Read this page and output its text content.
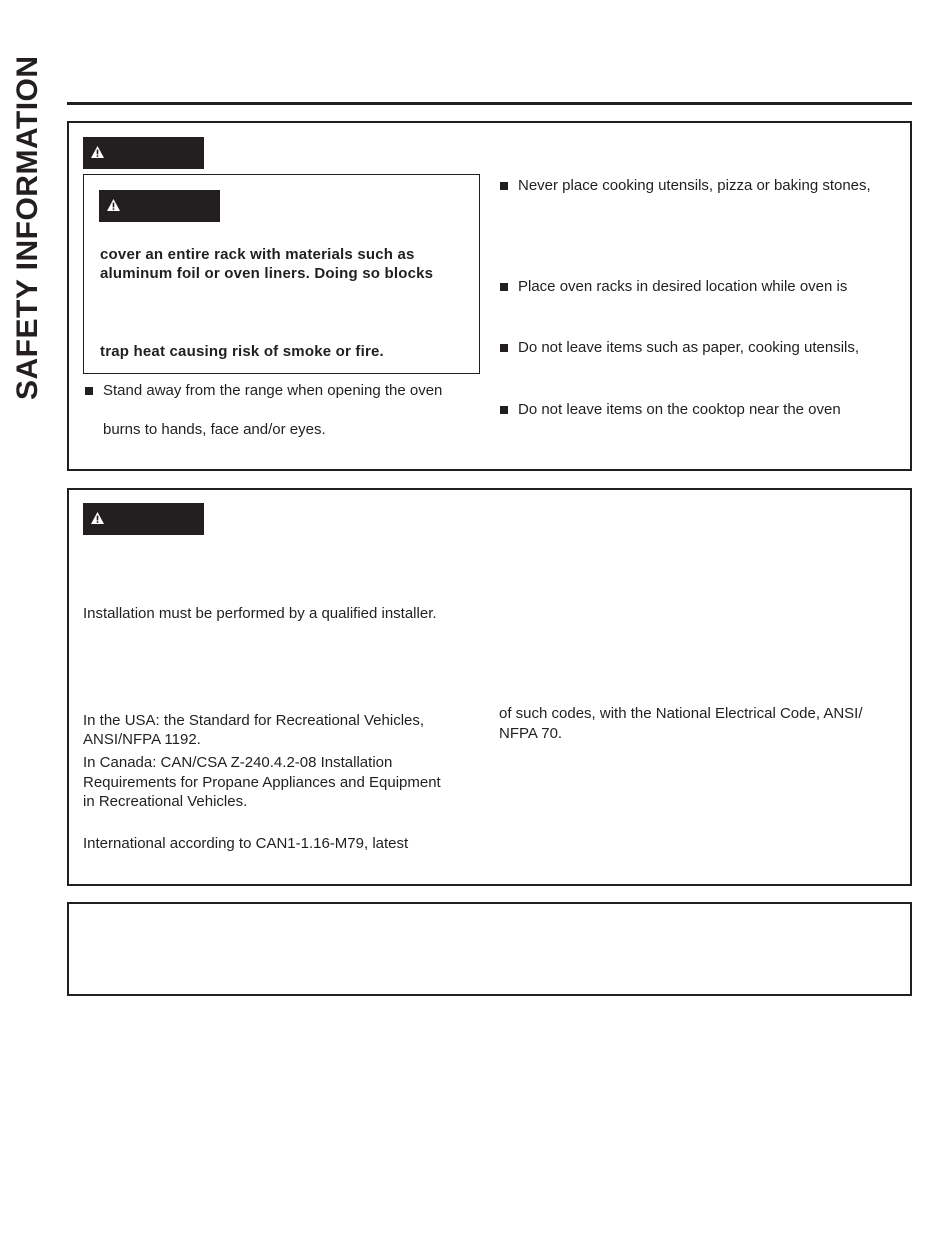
SAFETY INFORMATION	cover an entire rack with materials such as
aluminum foil or oven liners. Doing so blocks
trap heat causing risk of smoke or fire.
Stand away from the range when opening the oven
burns to hands, face and/or eyes.
Never place cooking utensils, pizza or baking stones,
Place oven racks in desired location while oven is
Do not leave items such as paper, cooking utensils,
Do not leave items on the cooktop near the oven
Installation must be performed by a qualified installer.
In the USA: the Standard for Recreational Vehicles,
ANSI/NFPA 1192.
In Canada: CAN/CSA Z-240.4.2-08 Installation
Requirements for Propane Appliances and Equipment
in Recreational Vehicles.
International according to CAN1-1.16-M79, latest
of such codes, with the National Electrical Code, ANSI/
NFPA 70.
